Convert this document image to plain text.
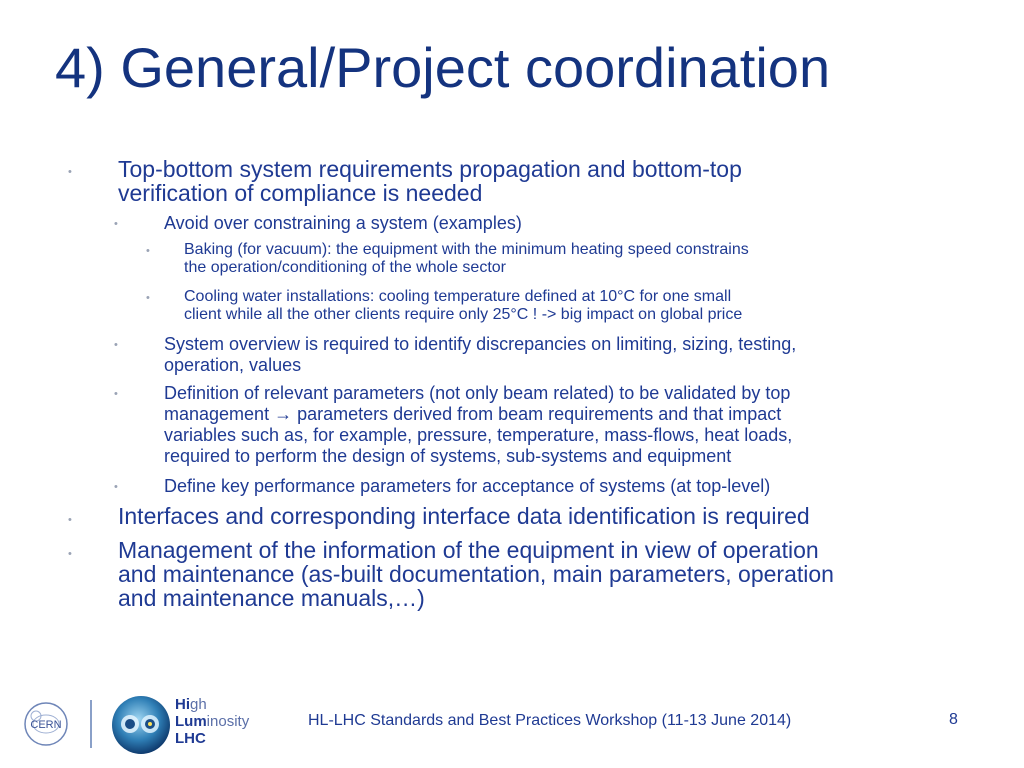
4) General/Project coordination
• Top-bottom system requirements propagation and bottom-top
verification of compliance is needed
•	Avoid over constraining a system (examples)
• Baking (for vacuum): the equipment with the minimum heating speed constrains
the operation/conditioning of the whole sector
• Cooling water installations: cooling temperature defined at 10°C for one small
client while all the other clients require only 25°C ! -> big impact on global price
•	System overview is required to identify discrepancies on limiting, sizing, testing,
operation, values
•	Definition of relevant parameters (not only beam related) to be validated by top
management → parameters derived from beam requirements and that impact
variables such as, for example, pressure, temperature, mass-flows, heat loads,
required to perform the design of systems, sub-systems and equipment
•	Define key performance parameters for acceptance of systems (at top-level)
• Interfaces and corresponding interface data identification is required
• Management of the information of the equipment in view of operation
and maintenance (as-built documentation, main parameters, operation
and maintenance manuals,…)
CERN
High
Luminosity
LHC
HL-LHC Standards and Best Practices Workshop (11-13 June 2014)	8
